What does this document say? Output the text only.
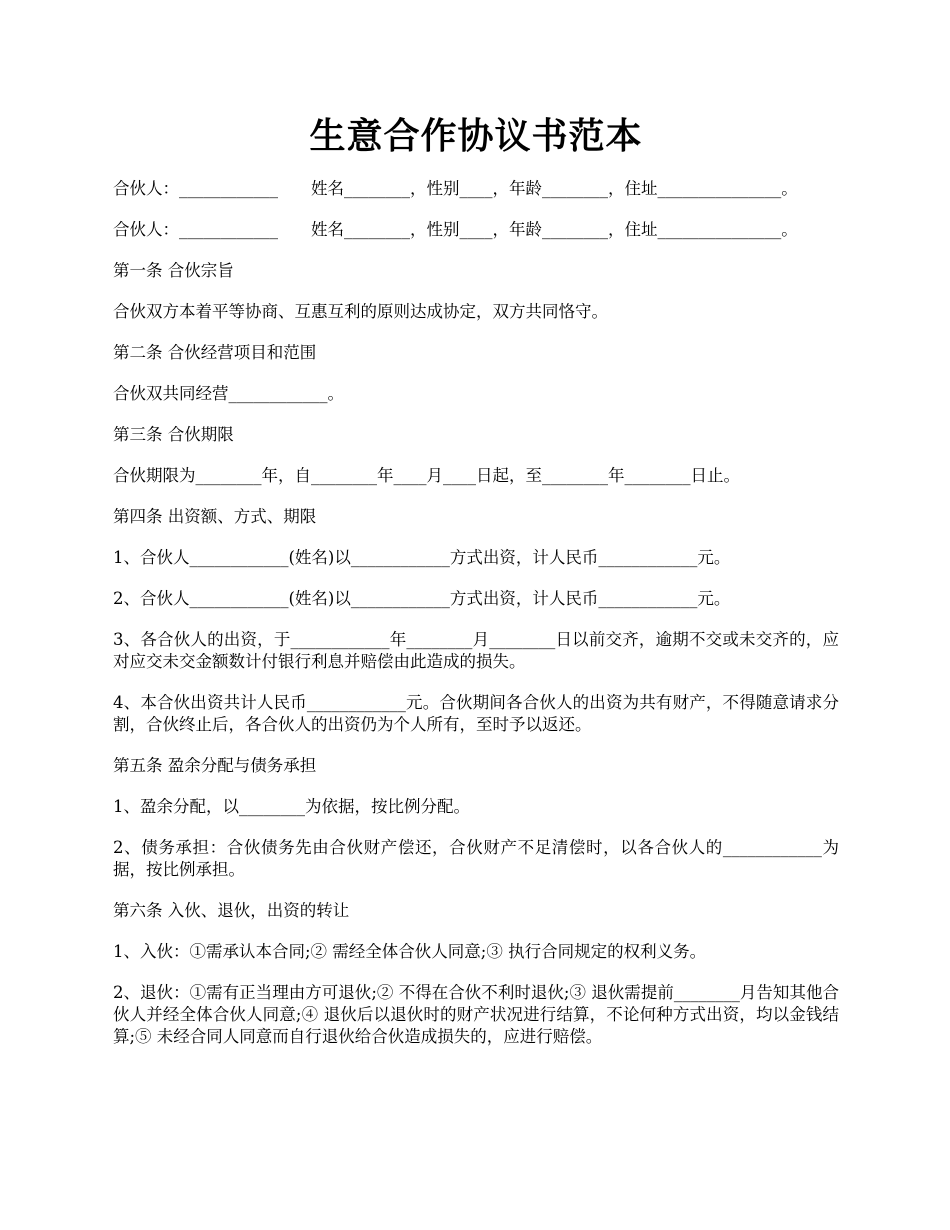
生意合作协议书范本

合伙人：____________　　姓名________，性别____，年龄________，住址_______________。

合伙人：____________　　姓名________，性别____，年龄________，住址_______________。

第一条 合伙宗旨

合伙双方本着平等协商、互惠互利的原则达成协定，双方共同恪守。

第二条 合伙经营项目和范围

合伙双共同经营____________。

第三条 合伙期限

合伙期限为________年，自________年____月____日起，至________年________日止。

第四条 出资额、方式、期限

1、合伙人____________(姓名)以____________方式出资，计人民币____________元。

2、合伙人____________(姓名)以____________方式出资，计人民币____________元。

3、各合伙人的出资，于____________年________月________日以前交齐，逾期不交或未交齐的，应对应交未交金额数计付银行利息并赔偿由此造成的损失。

4、本合伙出资共计人民币____________元。合伙期间各合伙人的出资为共有财产，不得随意请求分割，合伙终止后，各合伙人的出资仍为个人所有，至时予以返还。

第五条 盈余分配与债务承担

1、盈余分配，以________为依据，按比例分配。

2、债务承担：合伙债务先由合伙财产偿还，合伙财产不足清偿时，以各合伙人的____________为据，按比例承担。

第六条 入伙、退伙，出资的转让

1、入伙：①需承认本合同;② 需经全体合伙人同意;③ 执行合同规定的权利义务。

2、退伙：①需有正当理由方可退伙;② 不得在合伙不利时退伙;③ 退伙需提前________月告知其他合伙人并经全体合伙人同意;④ 退伙后以退伙时的财产状况进行结算，不论何种方式出资，均以金钱结算;⑤ 未经合同人同意而自行退伙给合伙造成损失的，应进行赔偿。
